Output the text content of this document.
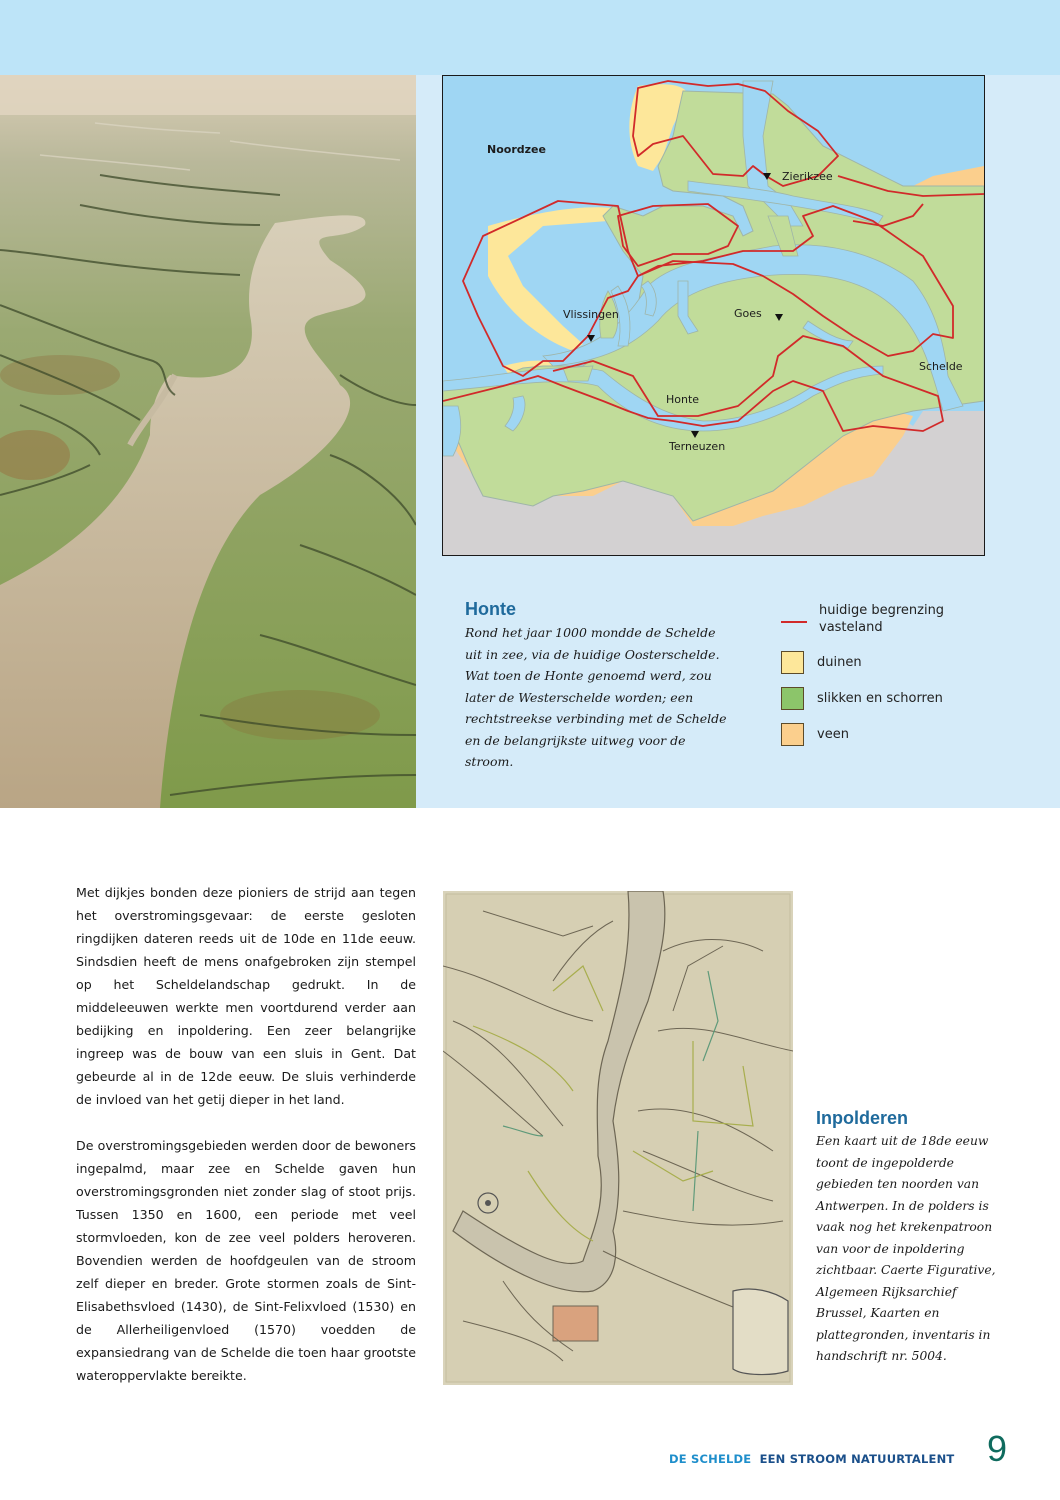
Noordzee
Zierikzee
Vlissingen	Goes
Schelde
Honte
Terneuzen
Honte

Rond het jaar 1000 mondde de Schelde uit in zee, via de huidige Oosterschelde. Wat toen de Honte genoemd werd, zou later de Westerschelde worden; een rechtstreekse verbinding met de Schelde en de belangrijkste uitweg voor de stroom.

huidige begrenzing vasteland
duinen
slikken en schorren
veen

Met dijkjes bonden deze pioniers de strijd aan tegen het overstromingsgevaar: de eerste gesloten ringdijken dateren reeds uit de 10de en 11de eeuw. Sindsdien heeft de mens onafgebroken zijn stempel op het Scheldelandschap gedrukt. In de middeleeuwen werkte men voortdurend verder aan bedijking en inpoldering. Een zeer belangrijke ingreep was de bouw van een sluis in Gent. Dat gebeurde al in de 12de eeuw. De sluis verhinderde de invloed van het getij dieper in het land.

De overstromingsgebieden werden door de bewoners ingepalmd, maar zee en Schelde gaven hun overstromingsgronden niet zonder slag of stoot prijs. Tussen 1350 en 1600, een periode met veel stormvloeden, kon de zee veel polders heroveren. Bovendien werden de hoofdgeulen van de stroom zelf dieper en breder. Grote stormen zoals de Sint-Elisabethsvloed (1430), de Sint-Felixvloed (1530) en de Allerheiligenvloed (1570) voedden de expansiedrang van de Schelde die toen haar grootste wateroppervlakte bereikte.

Inpolderen

Een kaart uit de 18de eeuw toont de ingepolderde gebieden ten noorden van Antwerpen. In de polders is vaak nog het krekenpatroon van voor de inpoldering zichtbaar. Caerte Figurative, Algemeen Rijksarchief Brussel, Kaarten en plattegronden, inventaris in handschrift nr. 5004.

DE SCHELDE EEN STROOM NATUURTALENT 9
